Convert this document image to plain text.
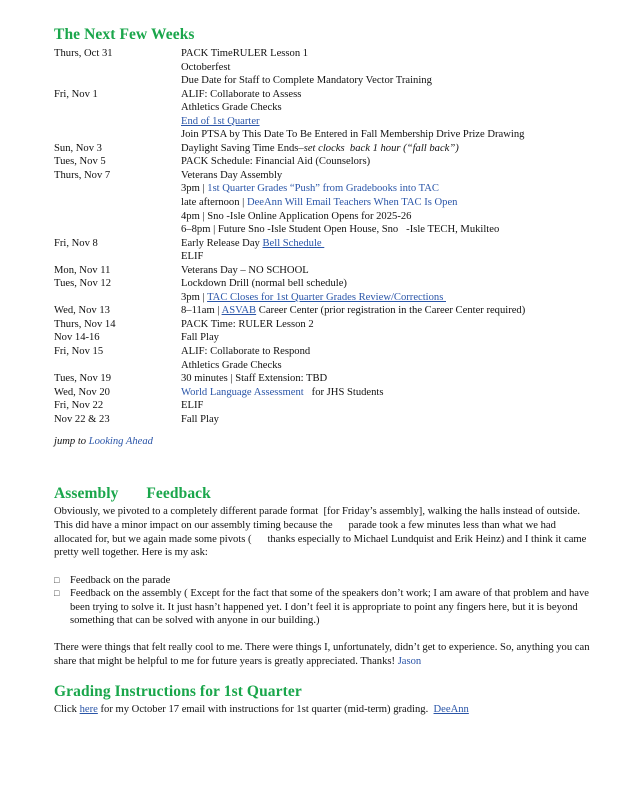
The Next Few Weeks
Thurs, Oct 31	PACK TimeRULER Lesson 1
Octoberfest
Due Date for Staff to Complete Mandatory Vector Training
Fri, Nov 1	ALIF: Collaborate to Assess
Athletics Grade Checks
End of 1st Quarter
Join PTSA by This Date To Be Entered in Fall Membership Drive Prize Drawing
Sun, Nov 3	Daylight Saving Time Ends–set clocks  back 1 hour (“fall back”)
Tues, Nov 5	PACK Schedule: Financial Aid (Counselors)
Thurs, Nov 7	Veterans Day Assembly
3pm | 1st Quarter Grades “Push” from Gradebooks into TAC
late afternoon | DeeAnn Will Email Teachers When TAC Is Open
4pm | Sno -Isle Online Application Opens for 2025-26
6–8pm | Future Sno -Isle Student Open House, Sno   -Isle TECH, Mukilteo
Fri, Nov 8	Early Release Day Bell Schedule
ELIF
Mon, Nov 11	Veterans Day – NO SCHOOL
Tues, Nov 12	Lockdown Drill (normal bell schedule)
3pm | TAC Closes for 1st Quarter Grades Review/Corrections
Wed, Nov 13	8–11am | ASVAB Career Center (prior registration in the Career Center required)
Thurs, Nov 14	PACK Time: RULER Lesson 2
Nov 14-16	Fall Play
Fri, Nov 15	ALIF: Collaborate to Respond
Athletics Grade Checks
Tues, Nov 19	30 minutes | Staff Extension: TBD
Wed, Nov 20	World Language Assessment   for JHS Students
Fri, Nov 22	ELIF
Nov 22 & 23	Fall Play
jump to Looking Ahead
Assembly       Feedback

Obviously, we pivoted to a completely different parade format  [for Friday’s assembly], walking the halls instead of outside. This did have a minor impact on our assembly timing because the      parade took a few minutes less than what we had allocated for, but we again made some pivots (      thanks especially to Michael Lundquist and Erik Heinz) and I think it came pretty well together. Here is my ask:

□ Feedback on the parade
□ Feedback on the assembly ( Except for the fact that some of the speakers don’t work; I am aware of that problem and have been trying to solve it. It just hasn’t happened yet. I don’t feel it is appropriate to point any fingers here, but it is beyond something that can be solved with anyone in our building.)

There were things that felt really cool to me. There were things I, unfortunately, didn’t get to experience. So, anything you can share that might be helpful to me for future years is greatly appreciated. Thanks! Jason

Grading Instructions for 1st Quarter

Click here for my October 17 email with instructions for 1st quarter (mid-term) grading.  DeeAnn
